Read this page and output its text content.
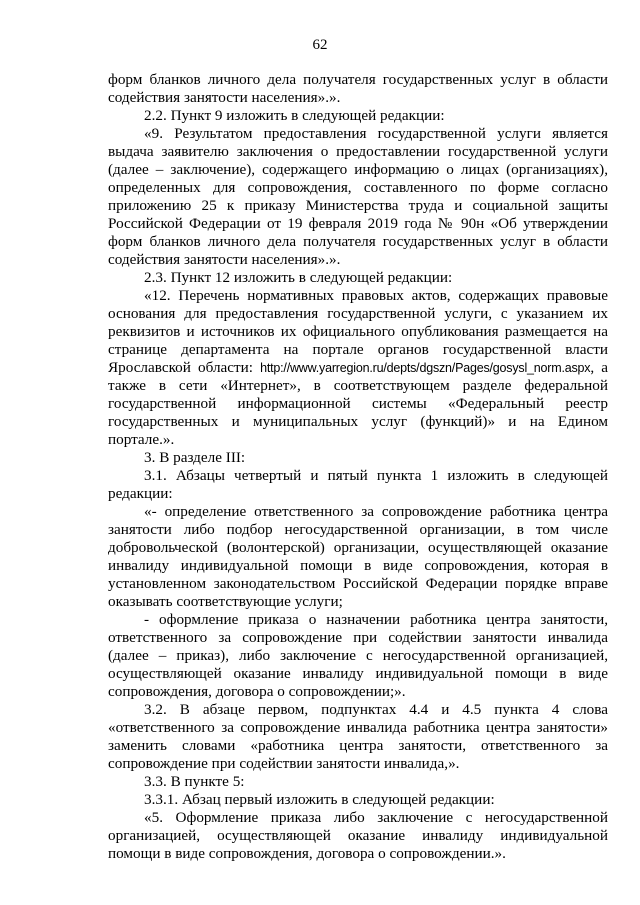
62

форм бланков личного дела получателя государственных услуг в области содействия занятости населения».».

2.2. Пункт 9 изложить в следующей редакции:

«9. Результатом предоставления государственной услуги является выдача заявителю заключения о предоставлении государственной услуги (далее – заключение), содержащего информацию о лицах (организациях), определенных для сопровождения, составленного по форме согласно приложению 25 к приказу Министерства труда и социальной защиты Российской Федерации от 19 февраля 2019 года № 90н «Об утверждении форм бланков личного дела получателя государственных услуг в области содействия занятости населения».».

2.3. Пункт 12 изложить в следующей редакции:

«12. Перечень нормативных правовых актов, содержащих правовые основания для предоставления государственной услуги, с указанием их реквизитов и источников их официального опубликования размещается на странице департамента на портале органов государственной власти Ярославской области: http://www.yarregion.ru/depts/dgszn/Pages/gosysl_norm.aspx, а также в сети «Интернет», в соответствующем разделе федеральной государственной информационной системы «Федеральный реестр государственных и муниципальных услуг (функций)» и на Едином портале.».

3. В разделе III:

3.1. Абзацы четвертый и пятый пункта 1 изложить в следующей редакции:

«- определение ответственного за сопровождение работника центра занятости либо подбор негосударственной организации, в том числе добровольческой (волонтерской) организации, осуществляющей оказание инвалиду индивидуальной помощи в виде сопровождения, которая в установленном законодательством Российской Федерации порядке вправе оказывать соответствующие услуги;

- оформление приказа о назначении работника центра занятости, ответственного за сопровождение при содействии занятости инвалида (далее – приказ), либо заключение с негосударственной организацией, осуществляющей оказание инвалиду индивидуальной помощи в виде сопровождения, договора о сопровождении;».

3.2. В абзаце первом, подпунктах 4.4 и 4.5 пункта 4 слова «ответственного за сопровождение инвалида работника центра занятости» заменить словами «работника центра занятости, ответственного за сопровождение при содействии занятости инвалида,».

3.3. В пункте 5:

3.3.1. Абзац первый изложить в следующей редакции:

«5. Оформление приказа либо заключение с негосударственной организацией, осуществляющей оказание инвалиду индивидуальной помощи в виде сопровождения, договора о сопровождении.».
